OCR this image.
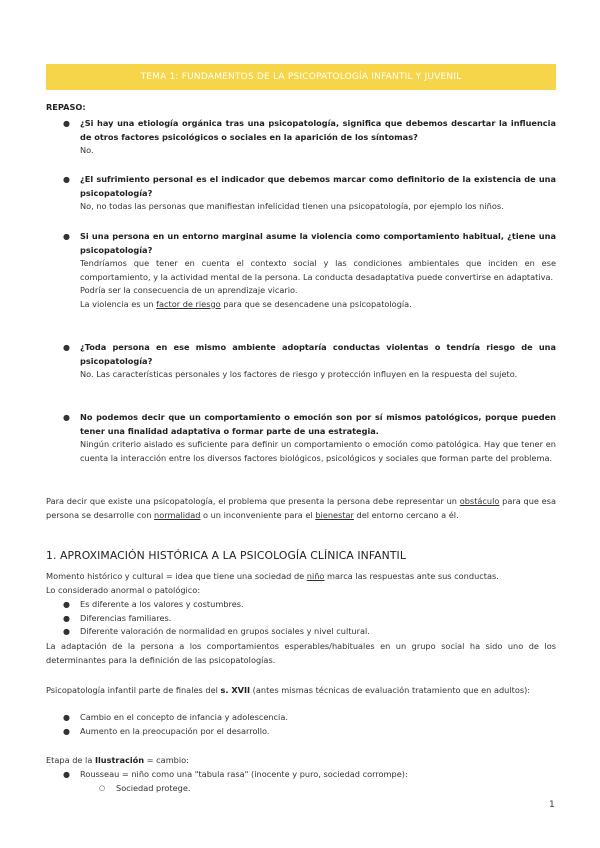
TEMA 1: FUNDAMENTOS DE LA PSICOPATOLOGÍA INFANTIL Y JUVENIL
REPASO:
● ¿Si hay una etiología orgánica tras una psicopatología, significa que debemos descartar la influencia de otros factores psicológicos o sociales en la aparición de los síntomas?
No.
● ¿El sufrimiento personal es el indicador que debemos marcar como definitorio de la existencia de una psicopatología?
No, no todas las personas que manifiestan infelicidad tienen una psicopatología, por ejemplo los niños.
● Si una persona en un entorno marginal asume la violencia como comportamiento habitual, ¿tiene una psicopatología?
Tendríamos que tener en cuenta el contexto social y las condiciones ambientales que inciden en ese comportamiento, y la actividad mental de la persona. La conducta desadaptativa puede convertirse en adaptativa.
Podría ser la consecuencia de un aprendizaje vicario.
La violencia es un factor de riesgo para que se desencadene una psicopatología.
● ¿Toda persona en ese mismo ambiente adoptaría conductas violentas o tendría riesgo de una psicopatología?
No. Las características personales y los factores de riesgo y protección influyen en la respuesta del sujeto.
● No podemos decir que un comportamiento o emoción son por sí mismos patológicos, porque pueden tener una finalidad adaptativa o formar parte de una estrategia.
Ningún criterio aislado es suficiente para definir un comportamiento o emoción como patológica. Hay que tener en cuenta la interacción entre los diversos factores biológicos, psicológicos y sociales que forman parte del problema.
Para decir que existe una psicopatología, el problema que presenta la persona debe representar un obstáculo para que esa persona se desarrolle con normalidad o un inconveniente para el bienestar del entorno cercano a él.
1. APROXIMACIÓN HISTÓRICA A LA PSICOLOGÍA CLÍNICA INFANTIL
Momento histórico y cultural = idea que tiene una sociedad de niño marca las respuestas ante sus conductas.
Lo considerado anormal o patológico:
● Es diferente a los valores y costumbres.
● Diferencias familiares.
● Diferente valoración de normalidad en grupos sociales y nivel cultural.
La adaptación de la persona a los comportamientos esperables/habituales en un grupo social ha sido uno de los determinantes para la definición de las psicopatologías.
Psicopatología infantil parte de finales del s. XVII (antes mismas técnicas de evaluación tratamiento que en adultos):
● Cambio en el concepto de infancia y adolescencia.
● Aumento en la preocupación por el desarrollo.
Etapa de la Ilustración = cambio:
● Rousseau = niño como una "tabula rasa" (inocente y puro, sociedad corrompe):
○ Sociedad protege.
1
